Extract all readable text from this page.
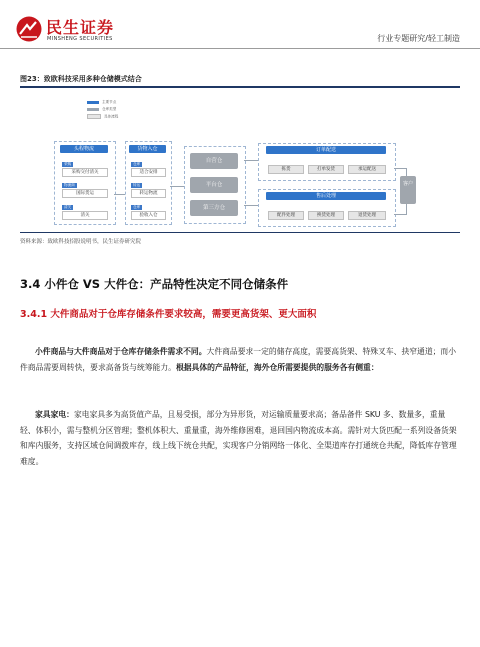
民生证券
MINSHENG SECURITIES	行业专题研究/轻工制造
图23：致欧科技采用多种仓储模式结合
主要节点
仓库类型
具体流程
头程物流
采购
采购交付清关
物流商
国际货运
清关
清关
货物入仓
仓库
适合安排
转运
转运物流
仓库
验收入仓
自营仓
平台仓
第三方仓
订单配送
拣货	打单发货	承运配送
售后处理
配件处理	换货处理	退货处理
客户
资料来源：致欧科技招股说明书，民生证券研究院
3.4 小件仓 VS 大件仓：产品特性决定不同仓储条件
3.4.1 大件商品对于仓库存储条件要求较高，需要更高货架、更大面积
小件商品与大件商品对于仓库存储条件需求不同。大件商品要求一定的储存高度，需要高货架、特殊叉车、抉窄通道；而小件商品需要周转快，要求高备货与统筹能力。根据具体的产品特征，海外仓所需要提供的服务各有侧重：
家具家电：家电家具多为高货值产品，且易受损，部分为异形货，对运输质量要求高；备品备件 SKU 多、数量多，重量轻、体积小，需与整机分区管理；整机体积大、重量重，海外维修困难，退回国内物流成本高。需针对大货匹配一系列设备货架和库内服务，支持区域仓间调拨库存，线上线下统仓共配，实现客户分销网络一体化、全渠道库存打通统仓共配，降低库存管理难度。
